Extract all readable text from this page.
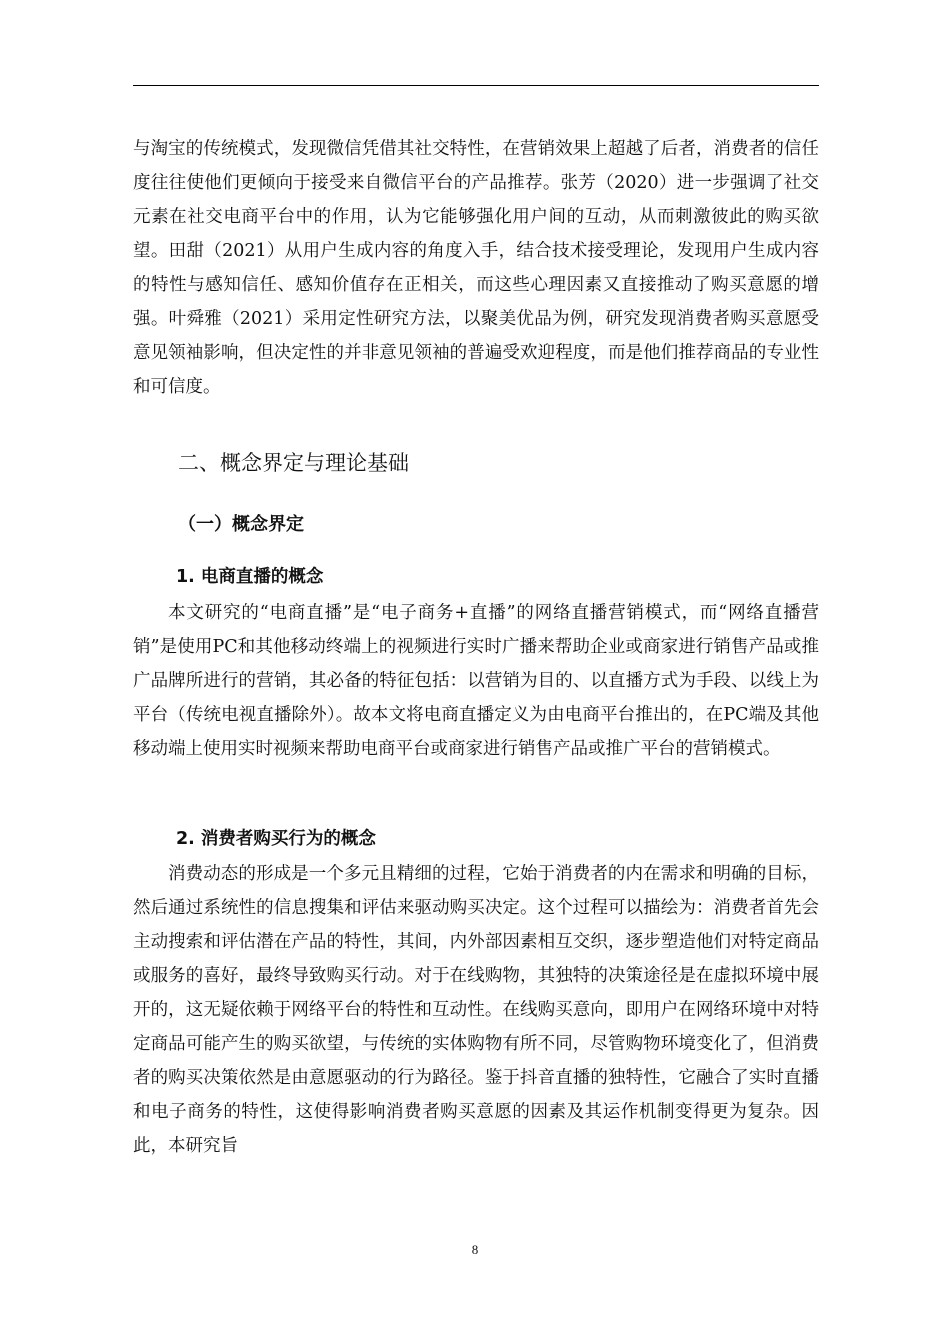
与淘宝的传统模式，发现微信凭借其社交特性，在营销效果上超越了后者，消费者的信任度往往使他们更倾向于接受来自微信平台的产品推荐。张芳（2020）进一步强调了社交元素在社交电商平台中的作用，认为它能够强化用户间的互动，从而刺激彼此的购买欲望。田甜（2021）从用户生成内容的角度入手，结合技术接受理论，发现用户生成内容的特性与感知信任、感知价值存在正相关，而这些心理因素又直接推动了购买意愿的增强。叶舜雅（2021）采用定性研究方法，以聚美优品为例，研究发现消费者购买意愿受意见领袖影响，但决定性的并非意见领袖的普遍受欢迎程度，而是他们推荐商品的专业性和可信度。

二、概念界定与理论基础
（一）概念界定
1. 电商直播的概念

本文研究的“电商直播”是“电子商务+直播”的网络直播营销模式，而“网络直播营销”是使用PC和其他移动终端上的视频进行实时广播来帮助企业或商家进行销售产品或推广品牌所进行的营销，其必备的特征包括：以营销为目的、以直播方式为手段、以线上为平台（传统电视直播除外）。故本文将电商直播定义为由电商平台推出的，在PC端及其他移动端上使用实时视频来帮助电商平台或商家进行销售产品或推广平台的营销模式。

2. 消费者购买行为的概念

消费动态的形成是一个多元且精细的过程，它始于消费者的内在需求和明确的目标，然后通过系统性的信息搜集和评估来驱动购买决定。这个过程可以描绘为：消费者首先会主动搜索和评估潜在产品的特性，其间，内外部因素相互交织，逐步塑造他们对特定商品或服务的喜好，最终导致购买行动。对于在线购物，其独特的决策途径是在虚拟环境中展开的，这无疑依赖于网络平台的特性和互动性。在线购买意向，即用户在网络环境中对特定商品可能产生的购买欲望，与传统的实体购物有所不同，尽管购物环境变化了，但消费者的购买决策依然是由意愿驱动的行为路径。鉴于抖音直播的独特性，它融合了实时直播和电子商务的特性，这使得影响消费者购买意愿的因素及其运作机制变得更为复杂。因此，本研究旨

8
